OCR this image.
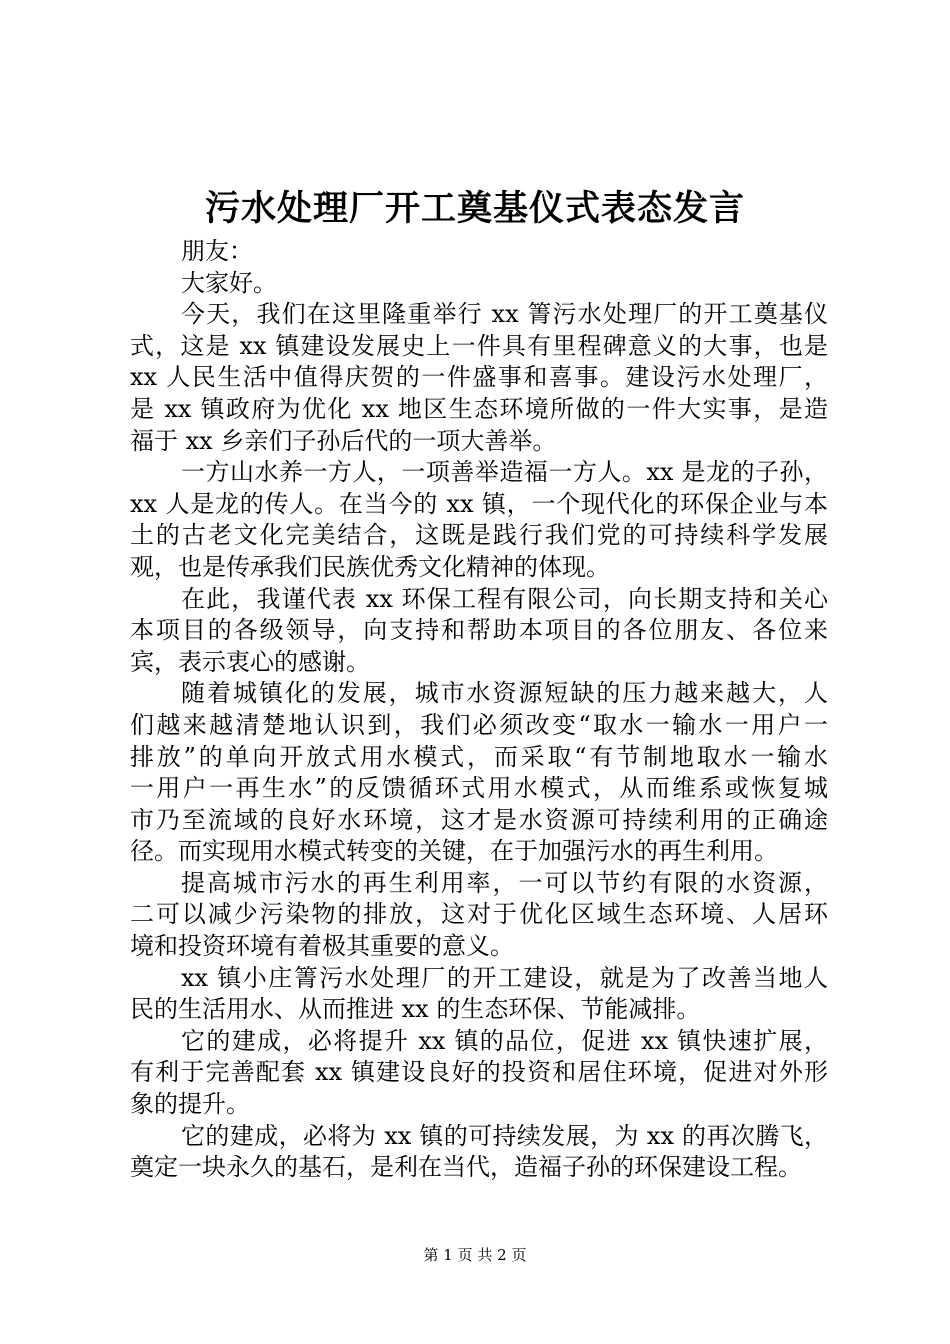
污水处理厂开工奠基仪式表态发言
朋友：
大家好。
今天，我们在这里隆重举行 xx 箐污水处理厂的开工奠基仪
式，这是 xx 镇建设发展史上一件具有里程碑意义的大事，也是
xx 人民生活中值得庆贺的一件盛事和喜事。建设污水处理厂，
是 xx 镇政府为优化 xx 地区生态环境所做的一件大实事，是造
福于 xx 乡亲们子孙后代的一项大善举。
一方山水养一方人，一项善举造福一方人。xx 是龙的子孙，
xx 人是龙的传人。在当今的 xx 镇，一个现代化的环保企业与本
土的古老文化完美结合，这既是践行我们党的可持续科学发展
观，也是传承我们民族优秀文化精神的体现。
在此，我谨代表 xx 环保工程有限公司，向长期支持和关心
本项目的各级领导，向支持和帮助本项目的各位朋友、各位来
宾，表示衷心的感谢。
随着城镇化的发展，城市水资源短缺的压力越来越大，人
们越来越清楚地认识到，我们必须改变“取水一输水一用户一
排放”的单向开放式用水模式，而采取“有节制地取水一输水
一用户一再生水”的反馈循环式用水模式，从而维系或恢复城
市乃至流域的良好水环境，这才是水资源可持续利用的正确途
径。而实现用水模式转变的关键，在于加强污水的再生利用。
提高城市污水的再生利用率，一可以节约有限的水资源，
二可以减少污染物的排放，这对于优化区域生态环境、人居环
境和投资环境有着极其重要的意义。
xx 镇小庄箐污水处理厂的开工建设，就是为了改善当地人
民的生活用水、从而推进 xx 的生态环保、节能减排。
它的建成，必将提升 xx 镇的品位，促进 xx 镇快速扩展，
有利于完善配套 xx 镇建设良好的投资和居住环境，促进对外形
象的提升。
它的建成，必将为 xx 镇的可持续发展，为 xx 的再次腾飞，
奠定一块永久的基石，是利在当代，造福子孙的环保建设工程。
第 1 页 共 2 页
